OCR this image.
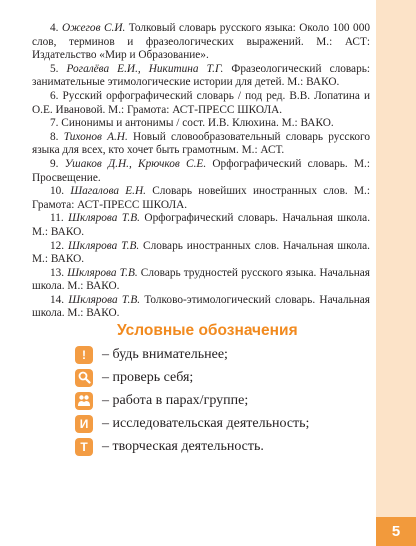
4. Ожегов С.И. Толковый словарь русского языка: Около 100 000 слов, терминов и фразеологических выражений. М.: АСТ: Издательство «Мир и Образование».

5. Рогалёва Е.И., Никитина Т.Г. Фразеологический словарь: занимательные этимологические истории для детей. М.: ВАКО.

6. Русский орфографический словарь / под ред. В.В. Лопатина и О.Е. Ивановой. М.: Грамота: АСТ-ПРЕСС ШКОЛА.

7. Синонимы и антонимы / сост. И.В. Клюхина. М.: ВАКО.

8. Тихонов А.Н. Новый словообразовательный словарь русского языка для всех, кто хочет быть грамотным. М.: АСТ.

9. Ушаков Д.Н., Крючков С.Е. Орфографический словарь. М.: Просвещение.

10. Шагалова Е.Н. Словарь новейших иностранных слов. М.: Грамота: АСТ-ПРЕСС ШКОЛА.

11. Шклярова Т.В. Орфографический словарь. Начальная школа. М.: ВАКО.

12. Шклярова Т.В. Словарь иностранных слов. Начальная школа. М.: ВАКО.

13. Шклярова Т.В. Словарь трудностей русского языка. Начальная школа. М.: ВАКО.

14. Шклярова Т.В. Толково-этимологический словарь. Начальная школа. М.: ВАКО.

Условные обозначения
!	– будь внимательнее;
– проверь себя;
– работа в парах/группе;
И – исследовательская деятельность;
Т	– творческая деятельность.
5
